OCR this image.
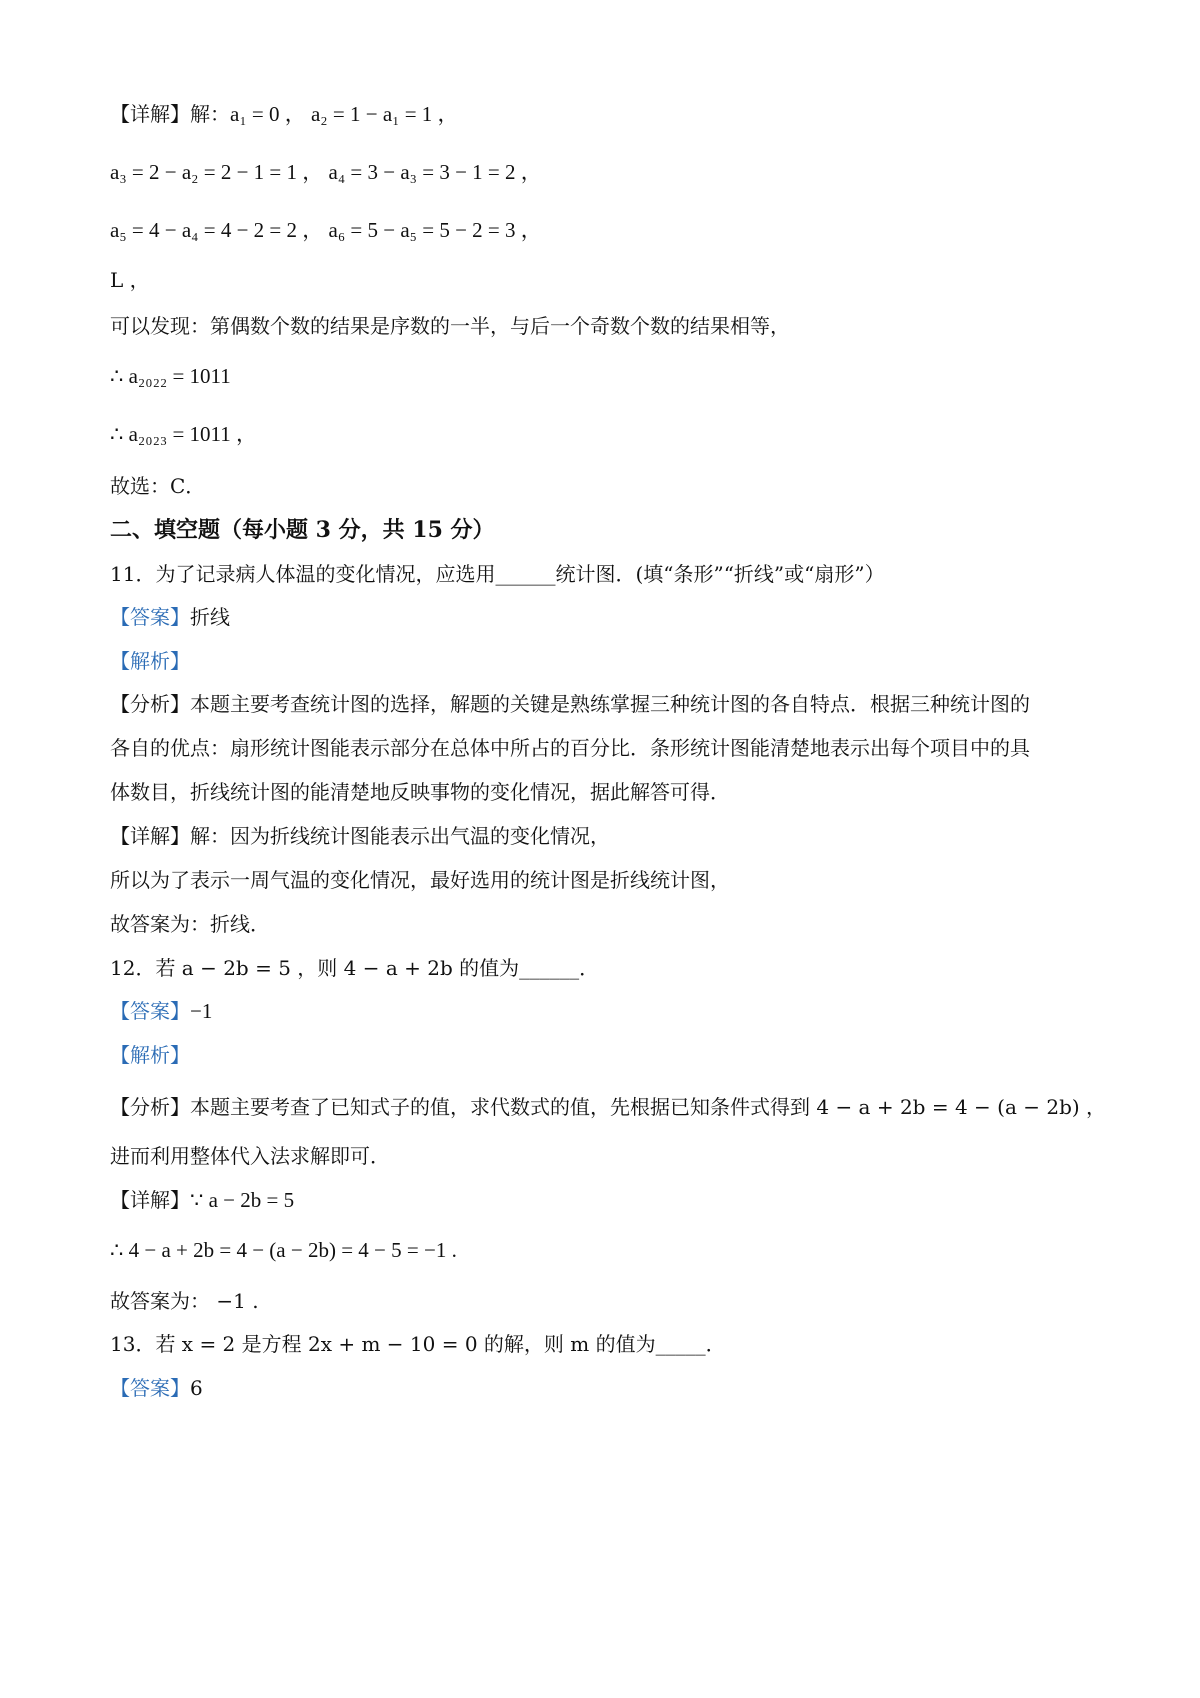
【详解】解：a₁ = 0 ， a₂ = 1 − a₁ = 1 ，
a₃ = 2 − a₂ = 2 − 1 = 1 ， a₄ = 3 − a₃ = 3 − 1 = 2 ，
a₅ = 4 − a₄ = 4 − 2 = 2 ， a₆ = 5 − a₅ = 5 − 2 = 3 ，
L ，
可以发现：第偶数个数的结果是序数的一半，与后一个奇数个数的结果相等，
∴ a₂₀₂₂ = 1011
∴ a₂₀₂₃ = 1011 ，
故选：C．
二、填空题（每小题 3 分，共 15 分）
11．为了记录病人体温的变化情况，应选用______统计图．(填“条形”“折线”或“扇形”）
【答案】折线
【解析】
【分析】本题主要考查统计图的选择，解题的关键是熟练掌握三种统计图的各自特点．根据三种统计图的
各自的优点：扇形统计图能表示部分在总体中所占的百分比．条形统计图能清楚地表示出每个项目中的具
体数目，折线统计图的能清楚地反映事物的变化情况，据此解答可得．
【详解】解：因为折线统计图能表示出气温的变化情况，
所以为了表示一周气温的变化情况，最好选用的统计图是折线统计图，
故答案为：折线．
12．若 a − 2b = 5 ，则 4 − a + 2b 的值为______．
【答案】−1
【解析】
【分析】本题主要考查了已知式子的值，求代数式的值，先根据已知条件式得到 4 − a + 2b = 4 − (a − 2b) ，
进而利用整体代入法求解即可．
【详解】∵ a − 2b = 5
∴ 4 − a + 2b = 4 − (a − 2b) = 4 − 5 = −1 .
故答案为： −1 .
13．若 x = 2 是方程 2x + m − 10 = 0 的解，则 m 的值为_____．
【答案】6
